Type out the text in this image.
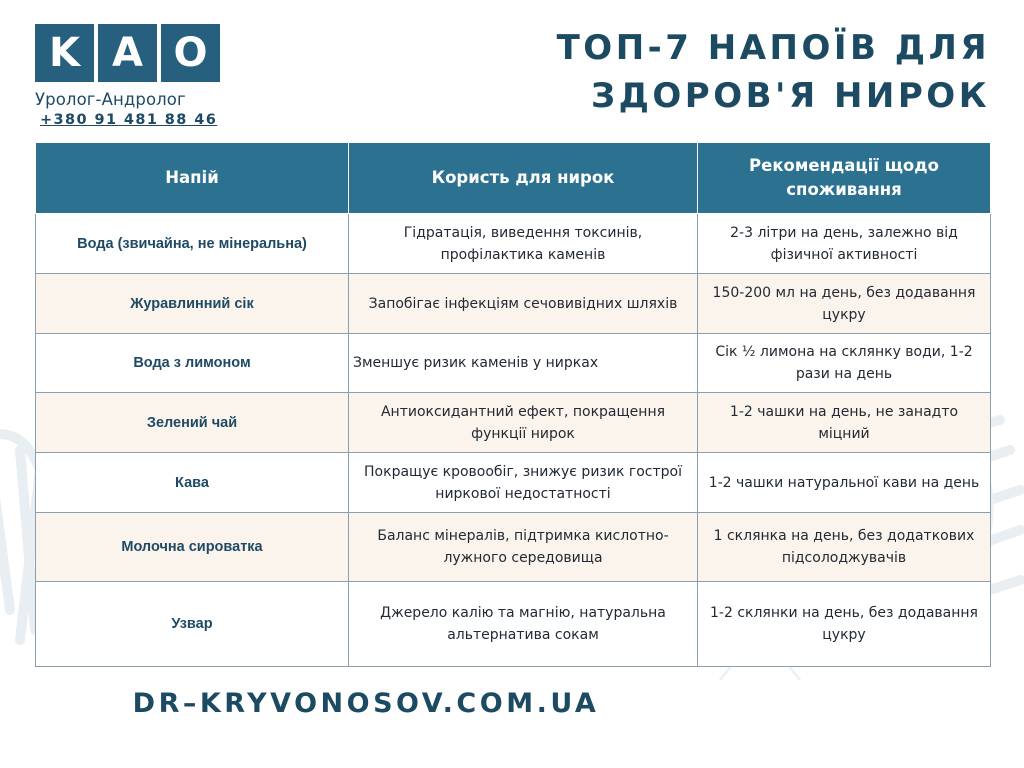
K A O
Уролог-Андролог
+380 91 481 88 46
ТОП-7 НАПОЇВ ДЛЯ
ЗДОРОВ'Я НИРОК
Напій	Користь для нирок	Рекомендації щодо споживання
Вода (звичайна, не мінеральна)	Гідратація, виведення токсинів, профілактика каменів	2-3 літри на день, залежно від фізичної активності
Журавлинний сік	Запобігає інфекціям сечовивідних шляхів	150-200 мл на день, без додавання цукру
Вода з лимоном	Зменшує ризик каменів у нирках	Сік ½ лимона на склянку води, 1-2 рази на день
Зелений чай	Антиоксидантний ефект, покращення функції нирок	1-2 чашки на день, не занадто міцний
Кава	Покращує кровообіг, знижує ризик гострої ниркової недостатності	1-2 чашки натуральної кави на день
Молочна сироватка	Баланс мінералів, підтримка кислотно-лужного середовища	1 склянка на день, без додаткових підсолоджувачів
Узвар	Джерело калію та магнію, натуральна альтернатива сокам	1-2 склянки на день, без додавання цукру
DR–KRYVONOSOV.COM.UA
